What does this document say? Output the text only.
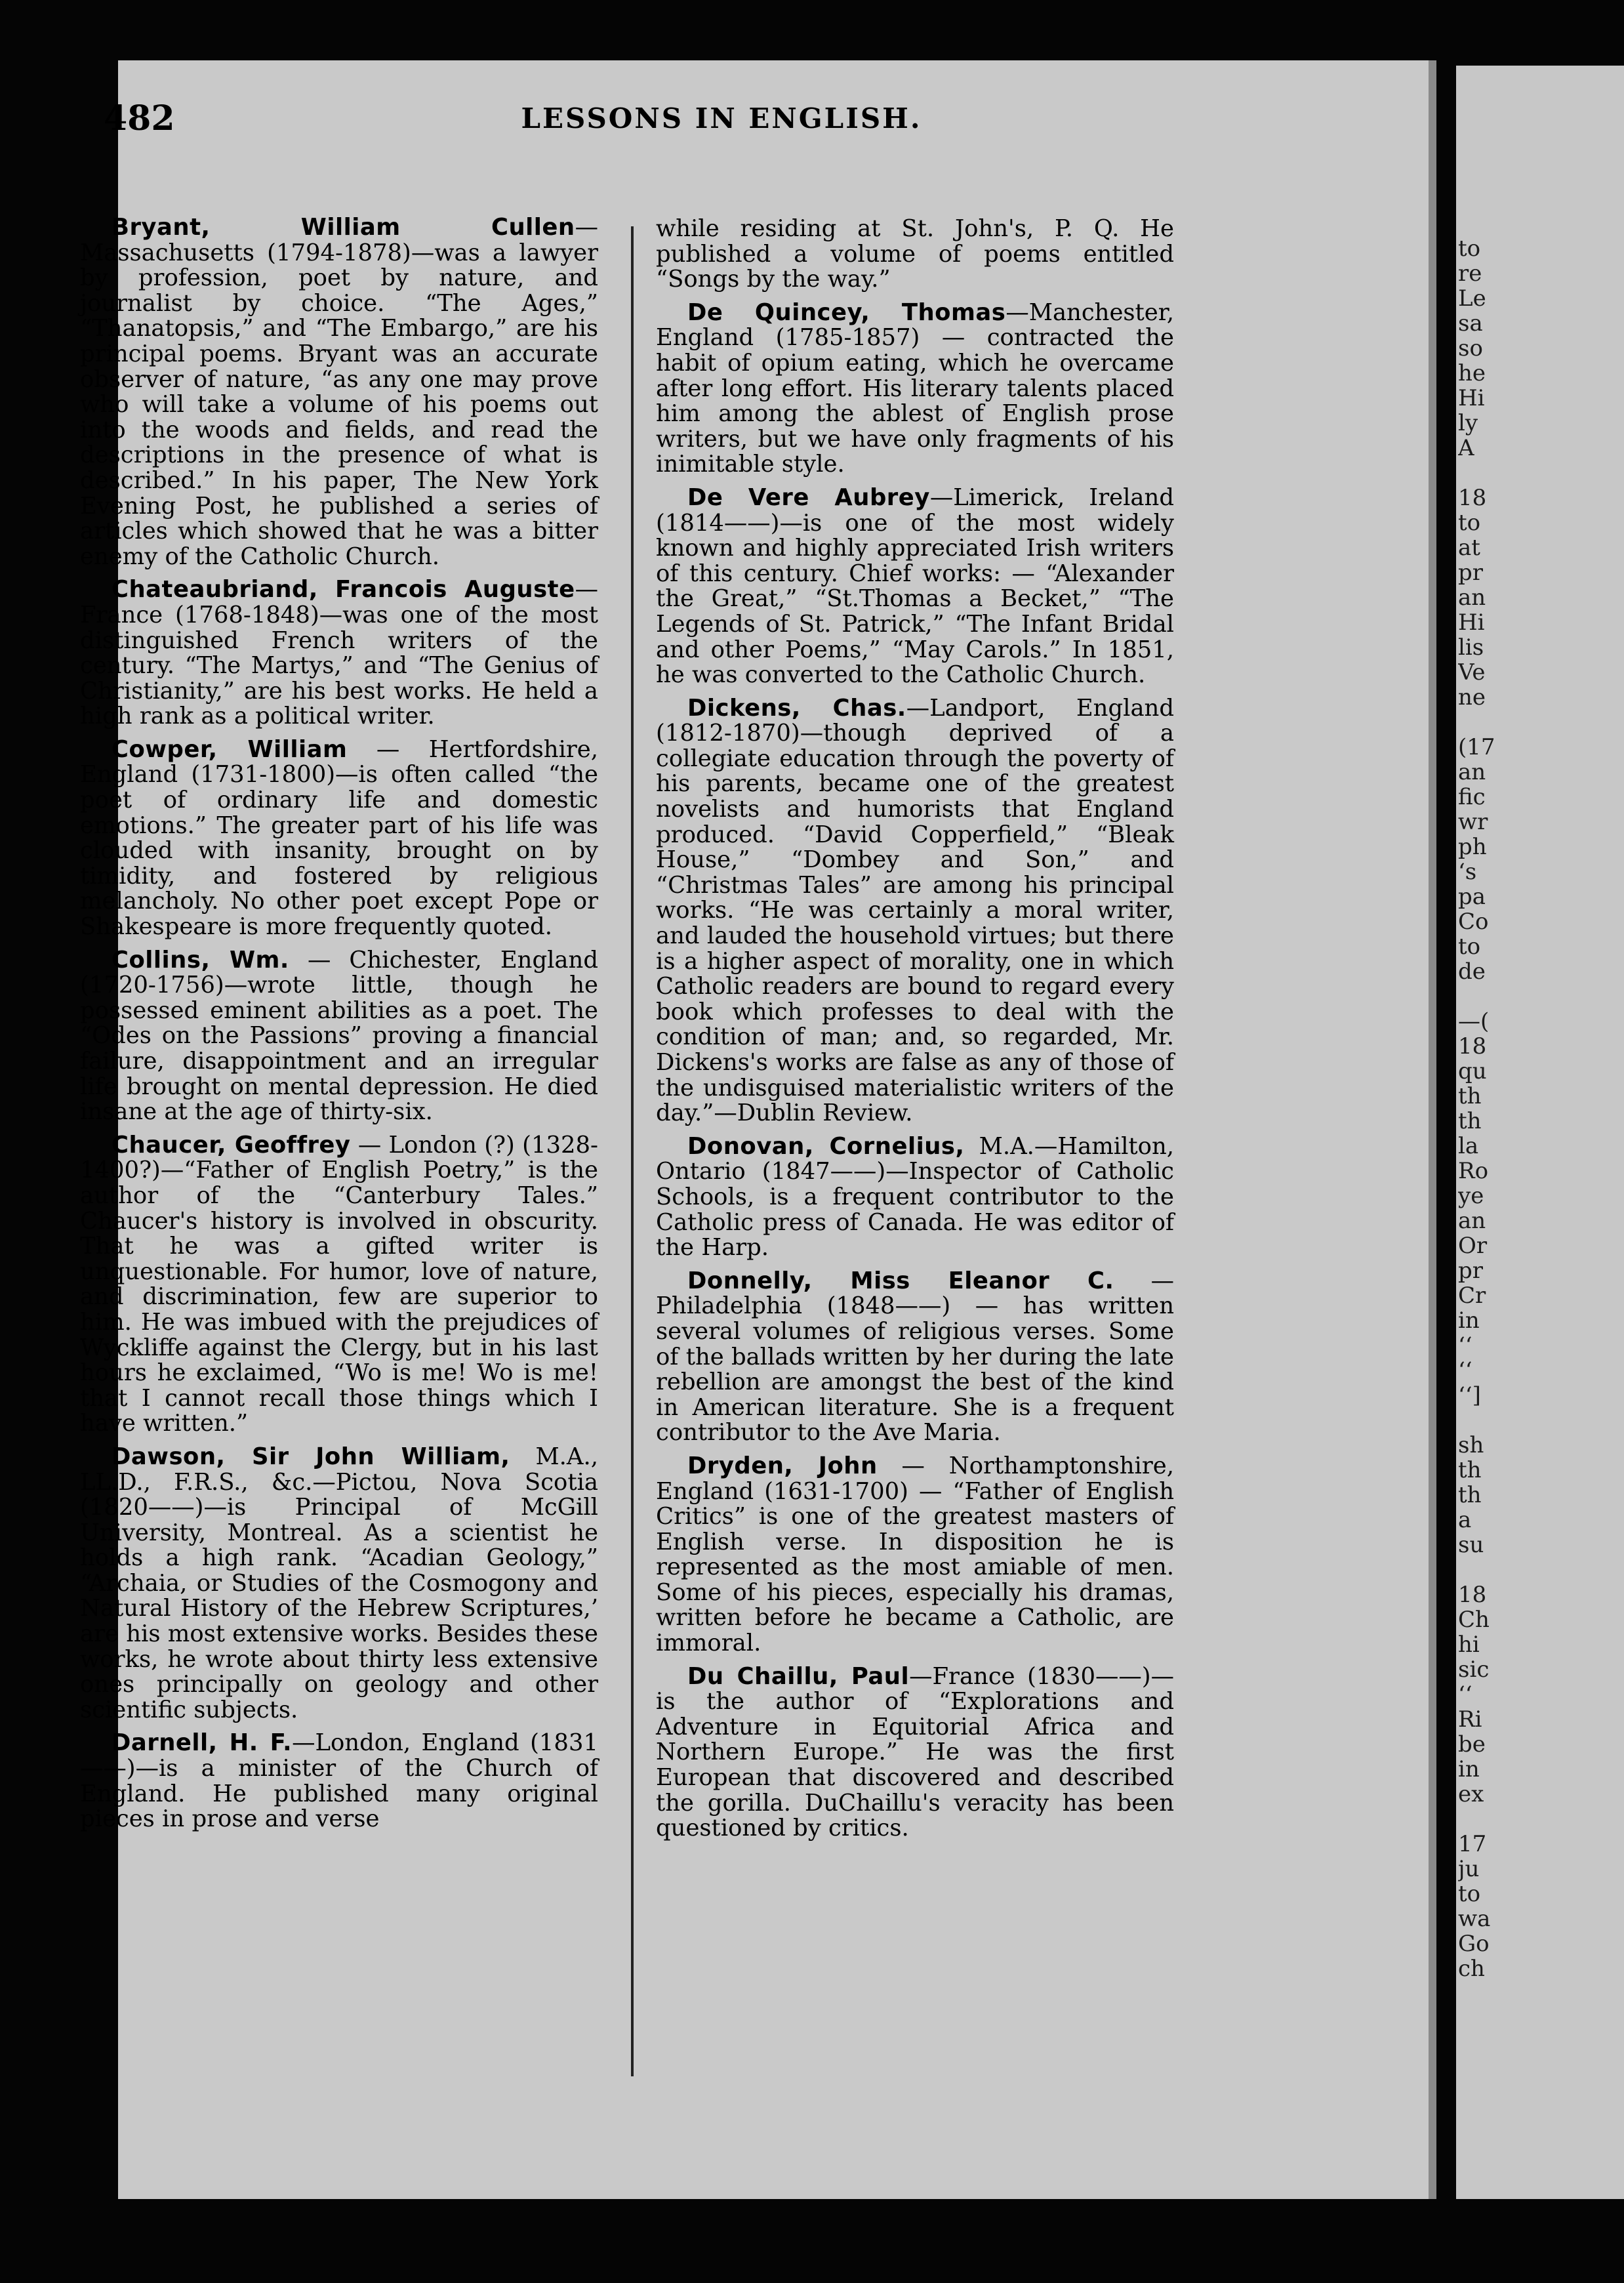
482	LESSONS IN ENGLISH.

Bryant, William Cullen—Massachusetts (1794-1878)—was a lawyer by profession, poet by nature, and journalist by choice. “The Ages,” “Thanatopsis,” and “The Embargo,” are his principal poems. Bryant was an accurate observer of nature, “as any one may prove who will take a volume of his poems out into the woods and fields, and read the descriptions in the presence of what is described.” In his paper, The New York Evening Post, he published a series of articles which showed that he was a bitter enemy of the Catholic Church.

Chateaubriand, Francois Auguste—France (1768-1848)—was one of the most distinguished French writers of the century. “The Martys,” and “The Genius of Christianity,” are his best works. He held a high rank as a political writer.

Cowper, William — Hertfordshire, England (1731-1800)—is often called “the poet of ordinary life and domestic emotions.” The greater part of his life was clouded with insanity, brought on by timidity, and fostered by religious melancholy. No other poet except Pope or Shakespeare is more frequently quoted.

Collins, Wm. — Chichester, England (1720-1756)—wrote little, though he possessed eminent abilities as a poet. The “Odes on the Passions” proving a financial failure, disappointment and an irregular life brought on mental depression. He died insane at the age of thirty-six.

Chaucer, Geoffrey — London (?) (1328-1400?)—“Father of English Poetry,” is the author of the “Canterbury Tales.” Chaucer's history is involved in obscurity. That he was a gifted writer is unquestionable. For humor, love of nature, and discrimination, few are superior to him. He was imbued with the prejudices of Wyckliffe against the Clergy, but in his last hours he exclaimed, “Wo is me! Wo is me! that I cannot recall those things which I have written.”

Dawson, Sir John William, M.A., LL.D., F.R.S., &c.—Pictou, Nova Scotia (1820——)—is Principal of McGill University, Montreal. As a scientist he holds a high rank. “Acadian Geology,” “Archaia, or Studies of the Cosmogony and Natural History of the Hebrew Scriptures,’ are his most extensive works. Besides these works, he wrote about thirty less extensive ones principally on geology and other scientific subjects.

Darnell, H. F.—London, England (1831——)—is a minister of the Church of England. He published many original pieces in prose and verse

while residing at St. John's, P. Q. He published a volume of poems entitled “Songs by the way.”

De Quincey, Thomas—Manchester, England (1785-1857) — contracted the habit of opium eating, which he overcame after long effort. His literary talents placed him among the ablest of English prose writers, but we have only fragments of his inimitable style.

De Vere Aubrey—Limerick, Ireland (1814——)—is one of the most widely known and highly appreciated Irish writers of this century. Chief works: — “Alexander the Great,” “St.Thomas a Becket,” “The Legends of St. Patrick,” “The Infant Bridal and other Poems,” “May Carols.” In 1851, he was converted to the Catholic Church.

Dickens, Chas.—Landport, England (1812-1870)—though deprived of a collegiate education through the poverty of his parents, became one of the greatest novelists and humorists that England produced. “David Copperfield,” “Bleak House,” “Dombey and Son,” and “Christmas Tales” are among his principal works. “He was certainly a moral writer, and lauded the household virtues; but there is a higher aspect of morality, one in which Catholic readers are bound to regard every book which professes to deal with the condition of man; and, so regarded, Mr. Dickens's works are false as any of those of the undisguised materialistic writers of the day.”—Dublin Review.

Donovan, Cornelius, M.A.—Hamilton, Ontario (1847——)—Inspector of Catholic Schools, is a frequent contributor to the Catholic press of Canada. He was editor of the Harp.

Donnelly, Miss Eleanor C. — Philadelphia (1848——) — has written several volumes of religious verses. Some of the ballads written by her during the late rebellion are amongst the best of the kind in American literature. She is a frequent contributor to the Ave Maria.

Dryden, John — Northamptonshire, England (1631-1700) — “Father of English Critics” is one of the greatest masters of English verse. In disposition he is represented as the most amiable of men. Some of his pieces, especially his dramas, written before he became a Catholic, are immoral.

Du Chaillu, Paul—France (1830——)—is the author of “Explorations and Adventure in Equitorial Africa and Northern Europe.” He was the first European that discovered and described the gorilla. DuChaillu's veracity has been questioned by critics.

to
re
Le
sa
so
he
Hi
ly
A
18
to
at
pr
an
Hi
lis
Ve
ne
(17
an
fic
wr
ph
‘s
pa
Co
to
de
—(
18
qu
th
th
la
Ro
ye
an
Or
pr
Cr
in
‘‘
‘‘
‘‘]
sh
th
th
a
su
18
Ch
hi
sic
‘‘
Ri
be
in
ex
17
ju
to
wa
Go
ch
